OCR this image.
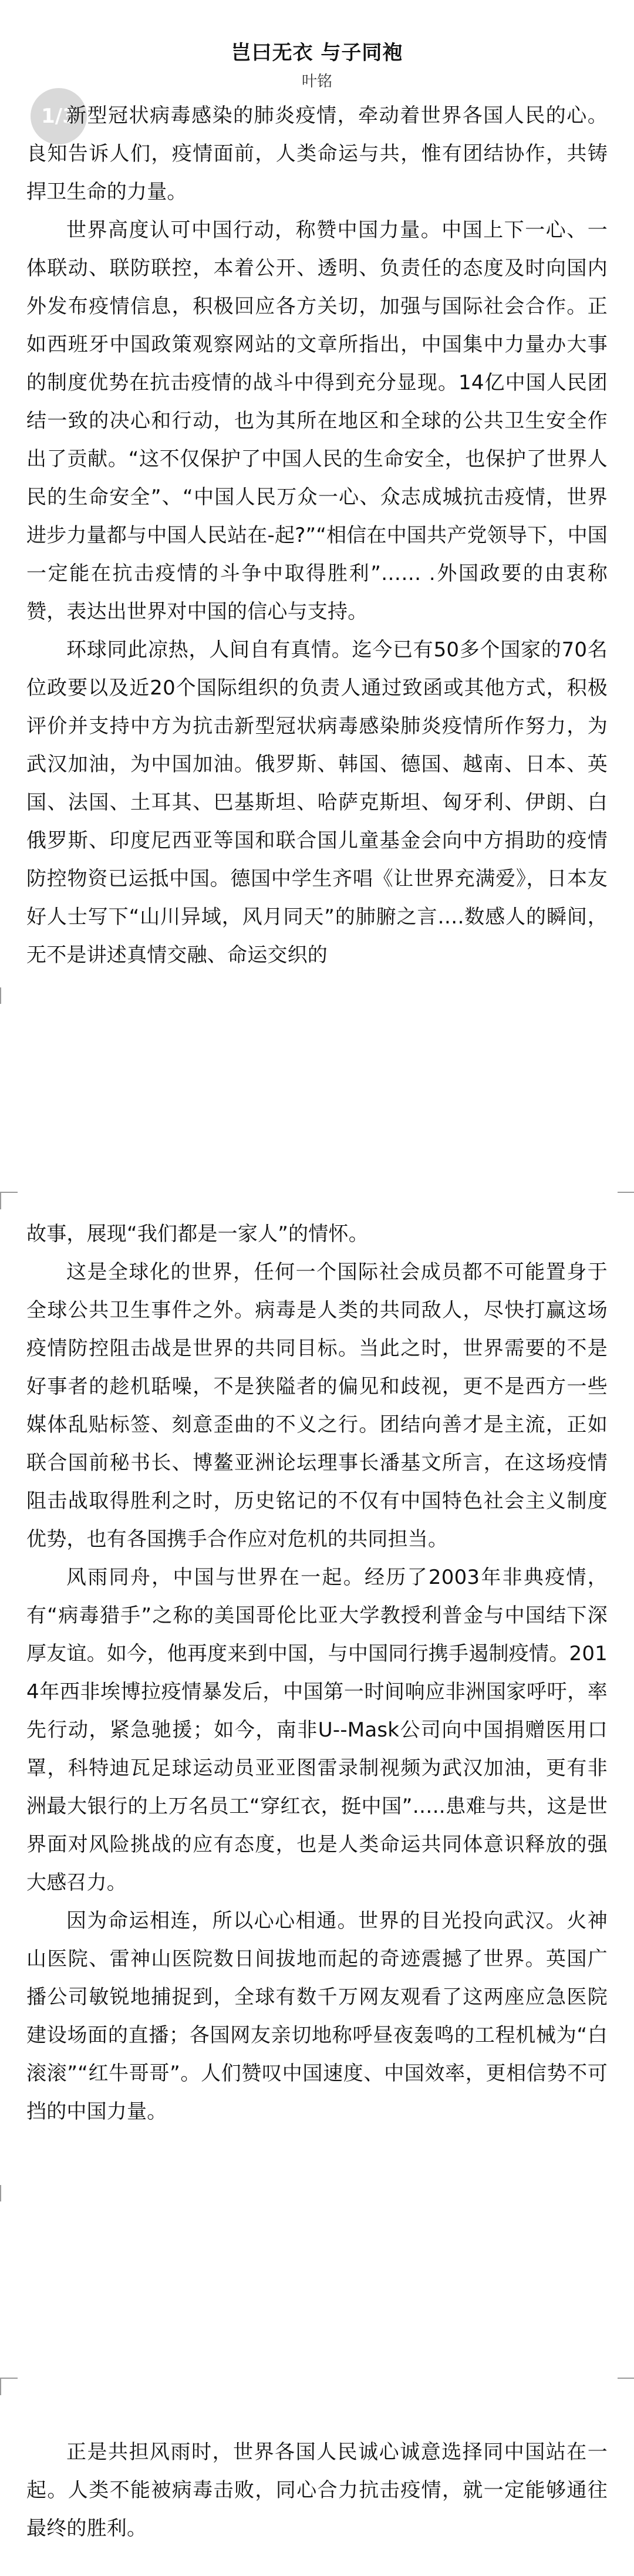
岂曰无衣 与子同袍
叶铭
1/3

新型冠状病毒感染的肺炎疫情，牵动着世界各国人民的心。良知告诉人们，疫情面前，人类命运与共，惟有团结协作，共铸捍卫生命的力量。

世界高度认可中国行动，称赞中国力量。中国上下一心、一体联动、联防联控，本着公开、透明、负责任的态度及时向国内外发布疫情信息，积极回应各方关切，加强与国际社会合作。正如西班牙中国政策观察网站的文章所指出，中国集中力量办大事的制度优势在抗击疫情的战斗中得到充分显现。14亿中国人民团结一致的决心和行动，也为其所在地区和全球的公共卫生安全作出了贡献。“这不仅保护了中国人民的生命安全，也保护了世界人民的生命安全”、“中国人民万众一心、众志成城抗击疫情，世界进步力量都与中国人民站在-起?”“相信在中国共产党领导下，中国一定能在抗击疫情的斗争中取得胜利”…… .外国政要的由衷称赞，表达出世界对中国的信心与支持。

环球同此凉热，人间自有真情。迄今已有50多个国家的70名位政要以及近20个国际组织的负责人通过致函或其他方式，积极评价并支持中方为抗击新型冠状病毒感染肺炎疫情所作努力，为武汉加油，为中国加油。俄罗斯、韩国、德国、越南、日本、英国、法国、土耳其、巴基斯坦、哈萨克斯坦、匈牙利、伊朗、白俄罗斯、印度尼西亚等国和联合国儿童基金会向中方捐助的疫情防控物资已运抵中国。德国中学生齐唱《让世界充满爱》，日本友好人士写下“山川异域，风月同天”的肺腑之言….数感人的瞬间，无不是讲述真情交融、命运交织的

故事，展现“我们都是一家人”的情怀。

这是全球化的世界，任何一个国际社会成员都不可能置身于全球公共卫生事件之外。病毒是人类的共同敌人，尽快打赢这场疫情防控阻击战是世界的共同目标。当此之时，世界需要的不是好事者的趁机聒噪，不是狭隘者的偏见和歧视，更不是西方一些媒体乱贴标签、刻意歪曲的不义之行。团结向善才是主流，正如联合国前秘书长、博鳌亚洲论坛理事长潘基文所言，在这场疫情阻击战取得胜利之时，历史铭记的不仅有中国特色社会主义制度优势，也有各国携手合作应对危机的共同担当。

风雨同舟，中国与世界在一起。经历了2003年非典疫情，有“病毒猎手”之称的美国哥伦比亚大学教授利普金与中国结下深厚友谊。如今，他再度来到中国，与中国同行携手遏制疫情。2014年西非埃博拉疫情暴发后，中国第一时间响应非洲国家呼吁，率先行动，紧急驰援；如今，南非U--Mask公司向中国捐赠医用口罩，科特迪瓦足球运动员亚亚图雷录制视频为武汉加油，更有非洲最大银行的上万名员工“穿红衣，挺中国”…..患难与共，这是世界面对风险挑战的应有态度，也是人类命运共同体意识释放的强大感召力。

因为命运相连，所以心心相通。世界的目光投向武汉。火神山医院、雷神山医院数日间拔地而起的奇迹震撼了世界。英国广播公司敏锐地捕捉到，全球有数千万网友观看了这两座应急医院建设场面的直播；各国网友亲切地称呼昼夜轰鸣的工程机械为“白滚滚”“红牛哥哥”。人们赞叹中国速度、中国效率，更相信势不可挡的中国力量。

正是共担风雨时，世界各国人民诚心诚意选择同中国站在一起。人类不能被病毒击败，同心合力抗击疫情，就一定能够通往最终的胜利。
